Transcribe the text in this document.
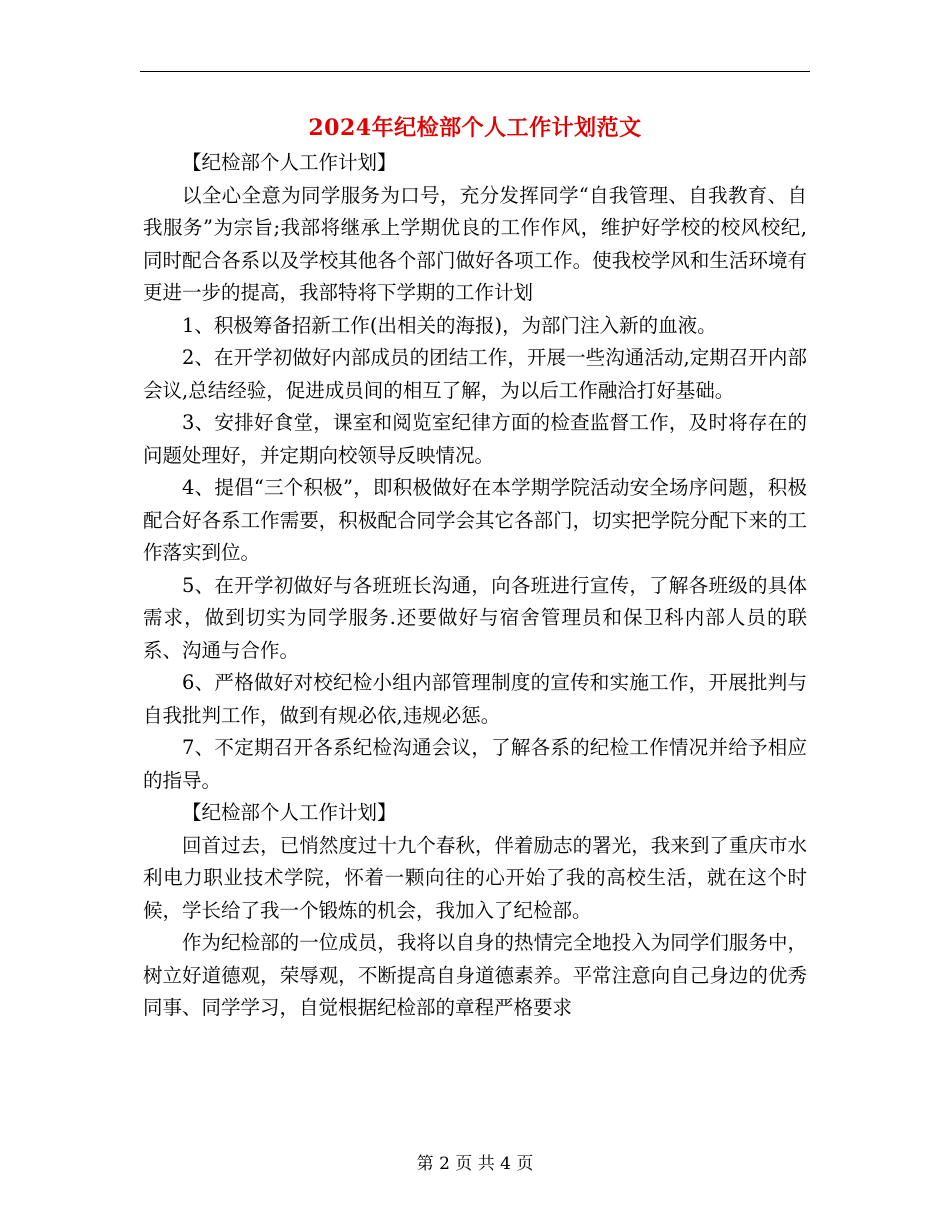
2024年纪检部个人工作计划范文

【纪检部个人工作计划】

以全心全意为同学服务为口号，充分发挥同学“自我管理、自我教育、自我服务”为宗旨;我部将继承上学期优良的工作作风，维护好学校的校风校纪,同时配合各系以及学校其他各个部门做好各项工作。使我校学风和生活环境有更进一步的提高，我部特将下学期的工作计划

1、积极筹备招新工作(出相关的海报)，为部门注入新的血液。

2、在开学初做好内部成员的团结工作，开展一些沟通活动,定期召开内部会议,总结经验，促进成员间的相互了解，为以后工作融洽打好基础。

3、安排好食堂，课室和阅览室纪律方面的检查监督工作，及时将存在的问题处理好，并定期向校领导反映情况。

4、提倡“三个积极”，即积极做好在本学期学院活动安全场序问题，积极配合好各系工作需要，积极配合同学会其它各部门，切实把学院分配下来的工作落实到位。

5、在开学初做好与各班班长沟通，向各班进行宣传，了解各班级的具体需求，做到切实为同学服务.还要做好与宿舍管理员和保卫科内部人员的联系、沟通与合作。

6、严格做好对校纪检小组内部管理制度的宣传和实施工作，开展批判与自我批判工作，做到有规必依,违规必惩。

7、不定期召开各系纪检沟通会议，了解各系的纪检工作情况并给予相应的指导。

【纪检部个人工作计划】

回首过去，已悄然度过十九个春秋，伴着励志的署光，我来到了重庆市水利电力职业技术学院，怀着一颗向往的心开始了我的高校生活，就在这个时候，学长给了我一个锻炼的机会，我加入了纪检部。

作为纪检部的一位成员，我将以自身的热情完全地投入为同学们服务中，树立好道德观，荣辱观，不断提高自身道德素养。平常注意向自己身边的优秀同事、同学学习，自觉根据纪检部的章程严格要求

第 2 页 共 4 页
